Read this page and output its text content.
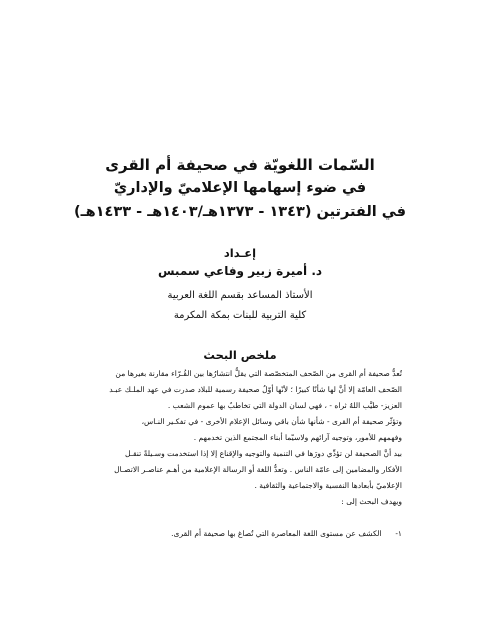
السّمات اللغويّة في صحيفة أم القرى
في ضوء إسهامها الإعلاميّ والإداريّ
في الفترتين (١٣٤٣ - ١٣٧٣هـ/١٤٠٣هـ - ١٤٣٣هـ)
إعـداد
د. أميرة زبير وفاعي سمبس
الأستاذ المساعد بقسم اللغة العربية
كلية التربية للبنات بمكة المكرمة
ملخص البحث
تُعدُّ صحيفة أم القرى من الصّحف المتخصّصة التي يقلُّ انتشارُها بين القُـرّاء مقارنة بغيرها من
الصّحف العامّة إلا أنَّ لها شأنًا كبيرًا ؛ لأنّها أوّلُ صحيفة رسمية للبلاد صدرت في عهد الملـك عبـد
العزيز- طيَّب اللهُ ثراه - ، فهي لسان الدولة التي تخاطبُ بها عموم الشعب .
وتؤثّر صحيفة أم القرى - شأنها شأن باقي وسائل الإعلام الأخرى - في تفكـير النـاس،
وفهمهم للأمور، وتوجيه آرائهم ولاسيّما أبناء المجتمع الذين تخدمهم .
بيد أنَّ الصحيفة لن تؤدِّي دورَها في التنمية والتوجيه والإقناع إلا إذا استخدمت وسـيلةً تنقـل
الأفكار والمضامين إلى عامّة الناس . وتعدُّ اللغة أو الرسالة الإعلامية من أهـم عناصـر الاتصـال
الإعلاميّ بأبعادها النفسية والاجتماعية والثقافية .
ويهدف البحث إلى :
١- الكشف عن مستوى اللغة المعاصرة التي تُصاغ بها صحيفة أم القرى.
